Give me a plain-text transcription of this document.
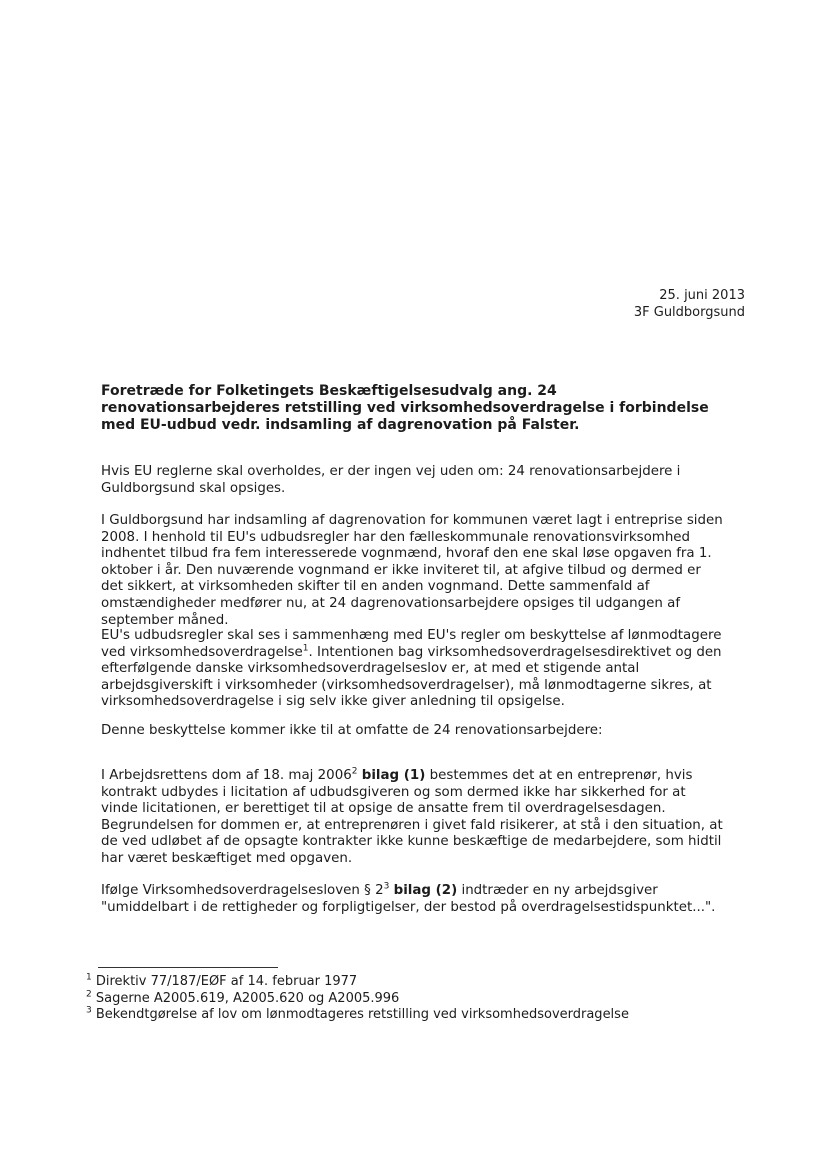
25. juni 2013
3F Guldborgsund
Foretræde for Folketingets Beskæftigelsesudvalg ang. 24 renovationsarbejderes retstilling ved virksomhedsoverdragelse i forbindelse med EU-udbud vedr. indsamling af dagrenovation på Falster.

Hvis EU reglerne skal overholdes, er der ingen vej uden om: 24 renovationsarbejdere i Guldborgsund skal opsiges.

I Guldborgsund har indsamling af dagrenovation for kommunen været lagt i entreprise siden 2008. I henhold til EU's udbudsregler har den fælleskommunale renovationsvirksomhed indhentet tilbud fra fem interesserede vognmænd, hvoraf den ene skal løse opgaven fra 1. oktober i år. Den nuværende vognmand er ikke inviteret til, at afgive tilbud og dermed er det sikkert, at virksomheden skifter til en anden vognmand. Dette sammenfald af omstændigheder medfører nu, at 24 dagrenovationsarbejdere opsiges til udgangen af september måned.

EU's udbudsregler skal ses i sammenhæng med EU's regler om beskyttelse af lønmodtagere ved virksomhedsoverdragelse$^1$. Intentionen bag virksomhedsoverdragelsesdirektivet og den efterfølgende danske virksomhedsoverdragelseslov er, at med et stigende antal arbejdsgiverskift i virksomheder (virksomhedsoverdragelser), må lønmodtagerne sikres, at virksomhedsoverdragelse i sig selv ikke giver anledning til opsigelse.

Denne beskyttelse kommer ikke til at omfatte de 24 renovationsarbejdere:

I Arbejdsrettens dom af 18. maj 2006$^2$ bilag (1) bestemmes det at en entreprenør, hvis kontrakt udbydes i licitation af udbudsgiveren og som dermed ikke har sikkerhed for at vinde licitationen, er berettiget til at opsige de ansatte frem til overdragelsesdagen. Begrundelsen for dommen er, at entreprenøren i givet fald risikerer, at stå i den situation, at de ved udløbet af de opsagte kontrakter ikke kunne beskæftige de medarbejdere, som hidtil har været beskæftiget med opgaven.

Ifølge Virksomhedsoverdragelsesloven § $2^3$ bilag (2) indtræder en ny arbejdsgiver "umiddelbart i de rettigheder og forpligtigelser, der bestod på overdragelsestidspunktet...".

$^1$ Direktiv 77/187/EØF af 14. februar 1977

$^2$ Sagerne A2005.619, A2005.620 og A2005.996

$^3$ Bekendtgørelse af lov om lønmodtageres retstilling ved virksomhedsoverdragelse
